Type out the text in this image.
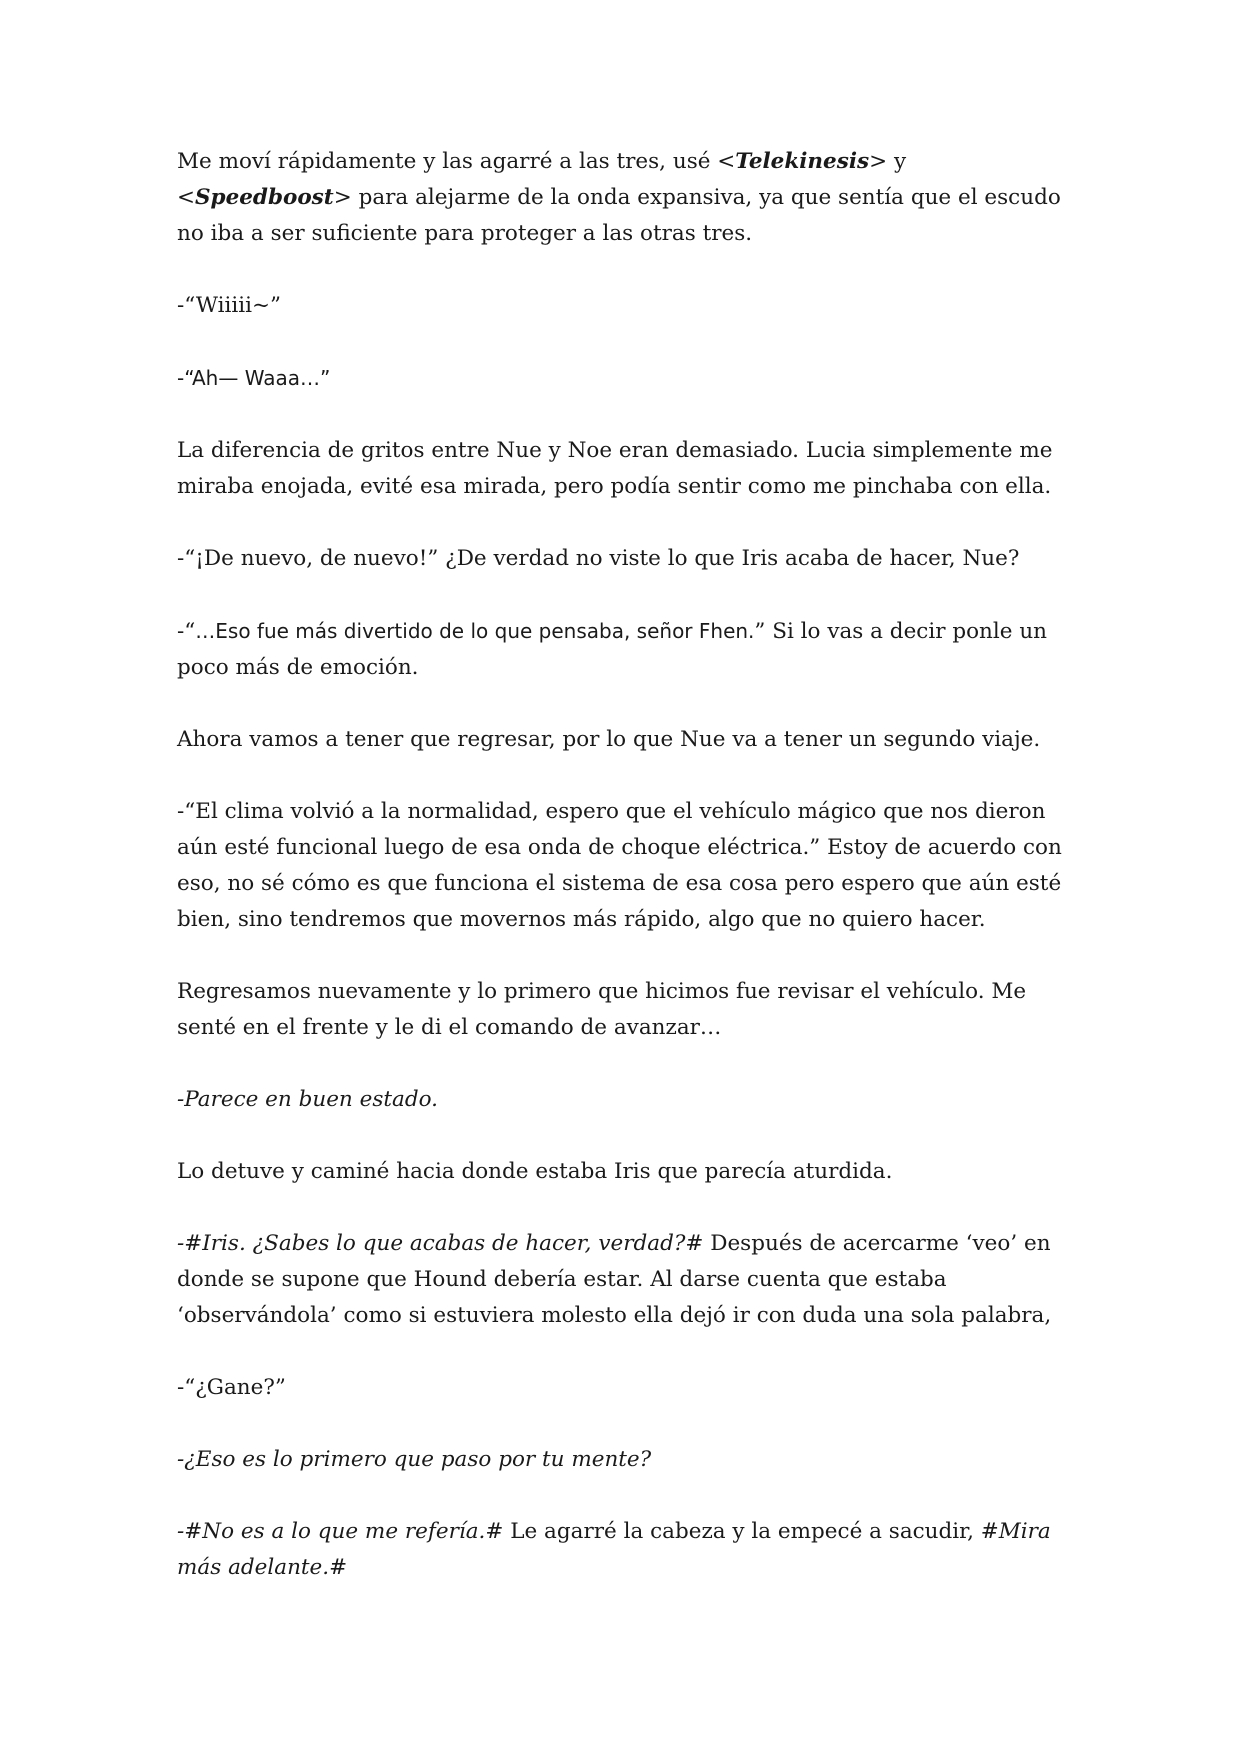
Me moví rápidamente y las agarré a las tres, usé <Telekinesis> y <Speedboost> para alejarme de la onda expansiva, ya que sentía que el escudo no iba a ser suficiente para proteger a las otras tres.

-“Wiiiii~”

-“Ah— Waaa…”

La diferencia de gritos entre Nue y Noe eran demasiado. Lucia simplemente me miraba enojada, evité esa mirada, pero podía sentir como me pinchaba con ella.

-“¡De nuevo, de nuevo!” ¿De verdad no viste lo que Iris acaba de hacer, Nue?

-“…Eso fue más divertido de lo que pensaba, señor Fhen.” Si lo vas a decir ponle un poco más de emoción.

Ahora vamos a tener que regresar, por lo que Nue va a tener un segundo viaje.

-“El clima volvió a la normalidad, espero que el vehículo mágico que nos dieron aún esté funcional luego de esa onda de choque eléctrica.” Estoy de acuerdo con eso, no sé cómo es que funciona el sistema de esa cosa pero espero que aún esté bien, sino tendremos que movernos más rápido, algo que no quiero hacer.

Regresamos nuevamente y lo primero que hicimos fue revisar el vehículo. Me senté en el frente y le di el comando de avanzar…

-Parece en buen estado.

Lo detuve y caminé hacia donde estaba Iris que parecía aturdida.

-#Iris. ¿Sabes lo que acabas de hacer, verdad?# Después de acercarme ‘veo’ en donde se supone que Hound debería estar. Al darse cuenta que estaba ‘observándola’ como si estuviera molesto ella dejó ir con duda una sola palabra,

-“¿Gane?”

-¿Eso es lo primero que paso por tu mente?

-#No es a lo que me refería.# Le agarré la cabeza y la empecé a sacudir, #Mira más adelante.#
